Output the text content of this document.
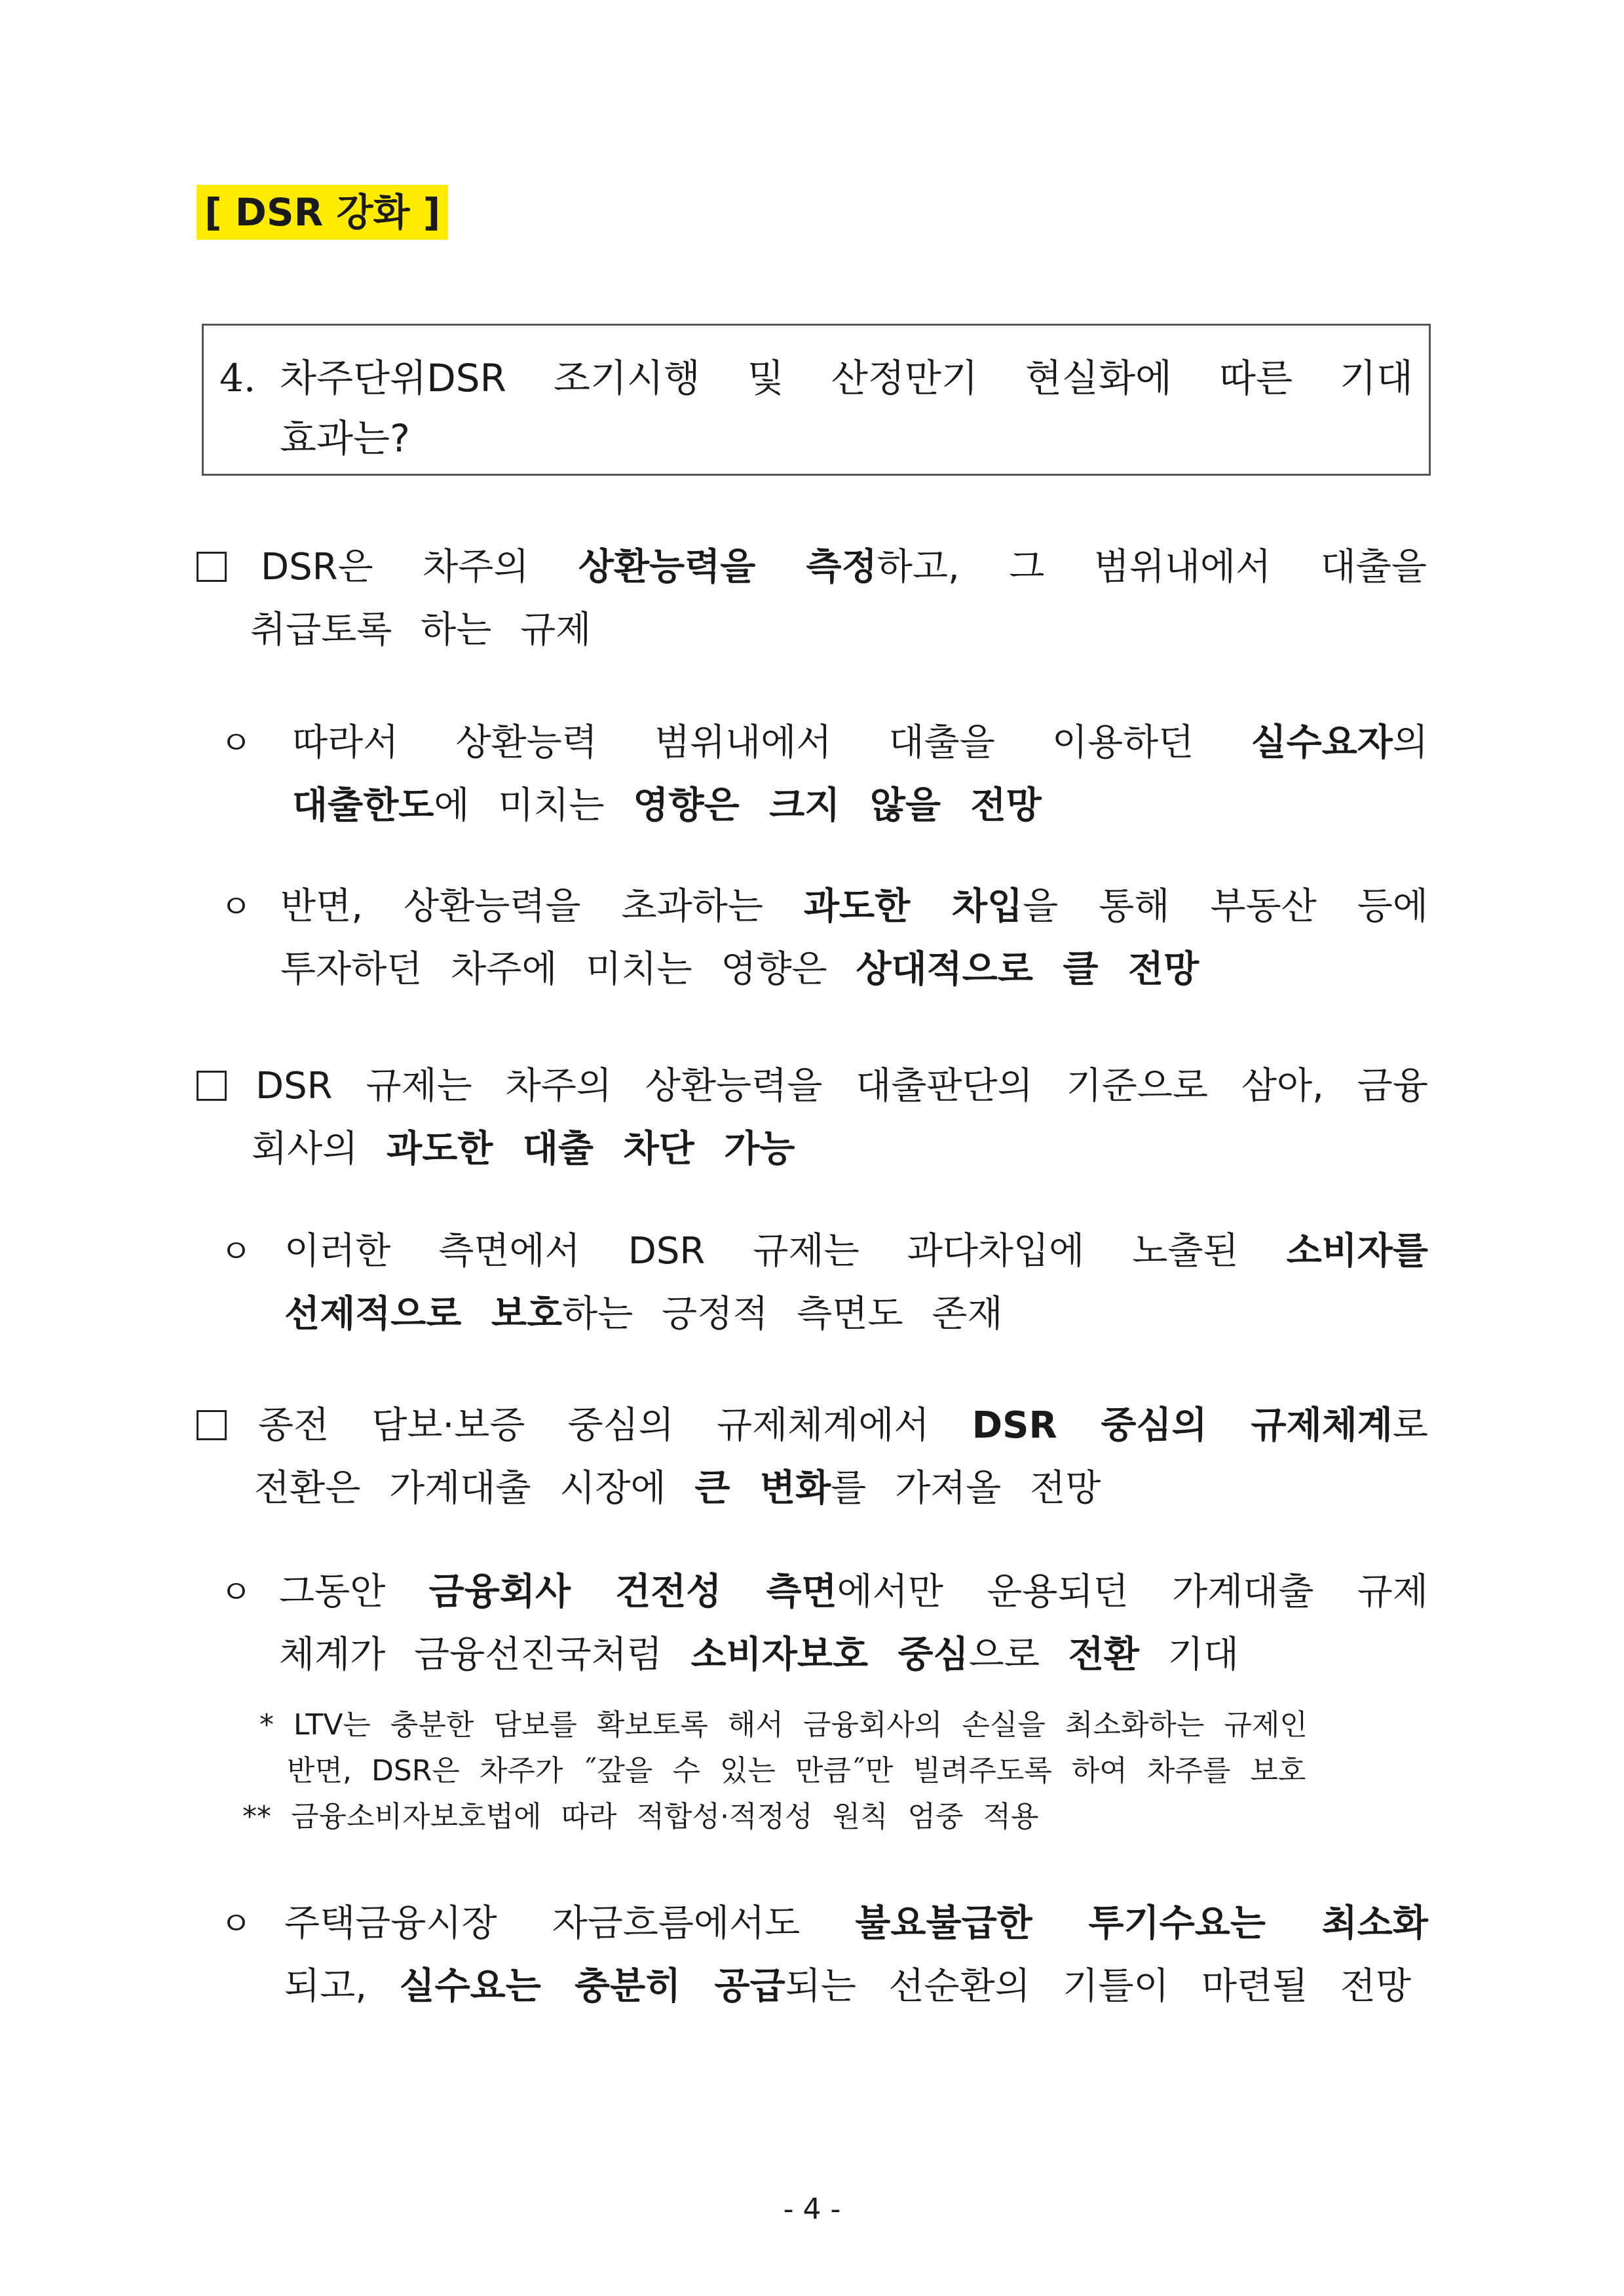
[ DSR 강화 ]
4. 차주단위DSR 조기시행 및 산정만기 현실화에 따른 기대
효과는?
DSR은 차주의 상환능력을 측정하고, 그 범위내에서 대출을
취급토록 하는 규제
ㅇ 따라서 상환능력 범위내에서 대출을 이용하던 실수요자의
대출한도에 미치는 영향은 크지 않을 전망
ㅇ 반면, 상환능력을 초과하는 과도한 차입을 통해 부동산 등에
투자하던 차주에 미치는 영향은 상대적으로 클 전망
DSR 규제는 차주의 상환능력을 대출판단의 기준으로 삼아, 금융
회사의 과도한 대출 차단 가능
ㅇ 이러한 측면에서 DSR 규제는 과다차입에 노출된 소비자를
선제적으로 보호하는 긍정적 측면도 존재
종전 담보·보증 중심의 규제체계에서 DSR 중심의 규제체계로
전환은 가계대출 시장에 큰 변화를 가져올 전망
ㅇ 그동안 금융회사 건전성 측면에서만 운용되던 가계대출 규제
체계가 금융선진국처럼 소비자보호 중심으로 전환 기대
* LTV는 충분한 담보를 확보토록 해서 금융회사의 손실을 최소화하는 규제인
반면, DSR은 차주가 ˝갚을 수 있는 만큼˝만 빌려주도록 하여 차주를 보호
** 금융소비자보호법에 따라 적합성·적정성 원칙 엄중 적용
ㅇ 주택금융시장 자금흐름에서도 불요불급한 투기수요는 최소화
되고, 실수요는 충분히 공급되는 선순환의 기틀이 마련될 전망
- 4 -
